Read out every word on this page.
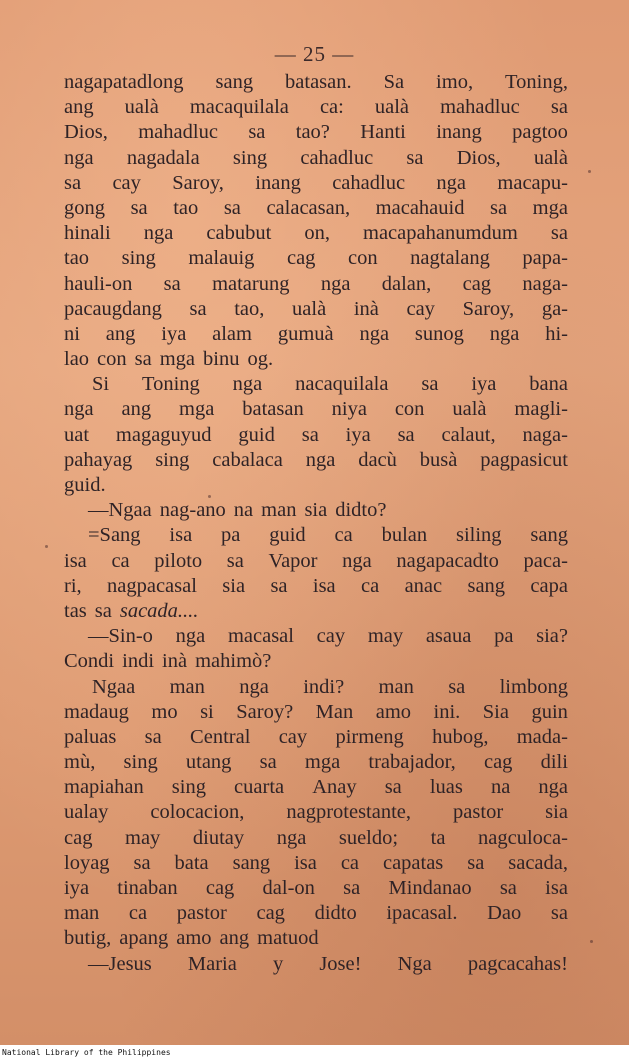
— 25 —
nagapatadlong sang batasan. Sa imo, Toning,
ang ualà macaquilala ca: ualà mahadluc sa
Dios, mahadluc sa tao? Hanti inang pagtoo
nga nagadala sing cahadluc sa Dios, ualà
sa cay Saroy, inang cahadluc nga macapu-
gong sa tao sa calacasan, macahauid sa mga
hinali nga cabubut on, macapahanumdum sa
tao sing malauig cag con nagtalang papa-
hauli-on sa matarung nga dalan, cag naga-
pacaugdang sa tao, ualà inà cay Saroy, ga-
ni ang iya alam gumuà nga sunog nga hi-
lao con sa mga binu og.
Si Toning nga nacaquilala sa iya bana
nga ang mga batasan niya con ualà magli-
uat magaguyud guid sa iya sa calaut, naga-
pahayag sing cabalaca nga dacù busà pagpasicut
guid.
—Ngaa nag-ano na man sia didto?
=Sang isa pa guid ca bulan siling sang
isa ca piloto sa Vapor nga nagapacadto paca-
ri, nagpacasal sia sa isa ca anac sang capa
tas sa sacada....
—Sin-o nga macasal cay may asaua pa sia?
Condi indi inà mahimò?
Ngaa man nga indi? man sa limbong
madaug mo si Saroy? Man amo ini. Sia guin
paluas sa Central cay pirmeng hubog, mada-
mù, sing utang sa mga trabajador, cag dili
mapiahan sing cuarta Anay sa luas na nga
ualay colocacion, nagprotestante, pastor sia
cag may diutay nga sueldo; ta nagculoca-
loyag sa bata sang isa ca capatas sa sacada,
iya tinaban cag dal-on sa Mindanao sa isa
man ca pastor cag didto ipacasal. Dao sa
butig, apang amo ang matuod
—Jesus Maria y Jose! Nga pagcacahas!
National Library of the Philippines
